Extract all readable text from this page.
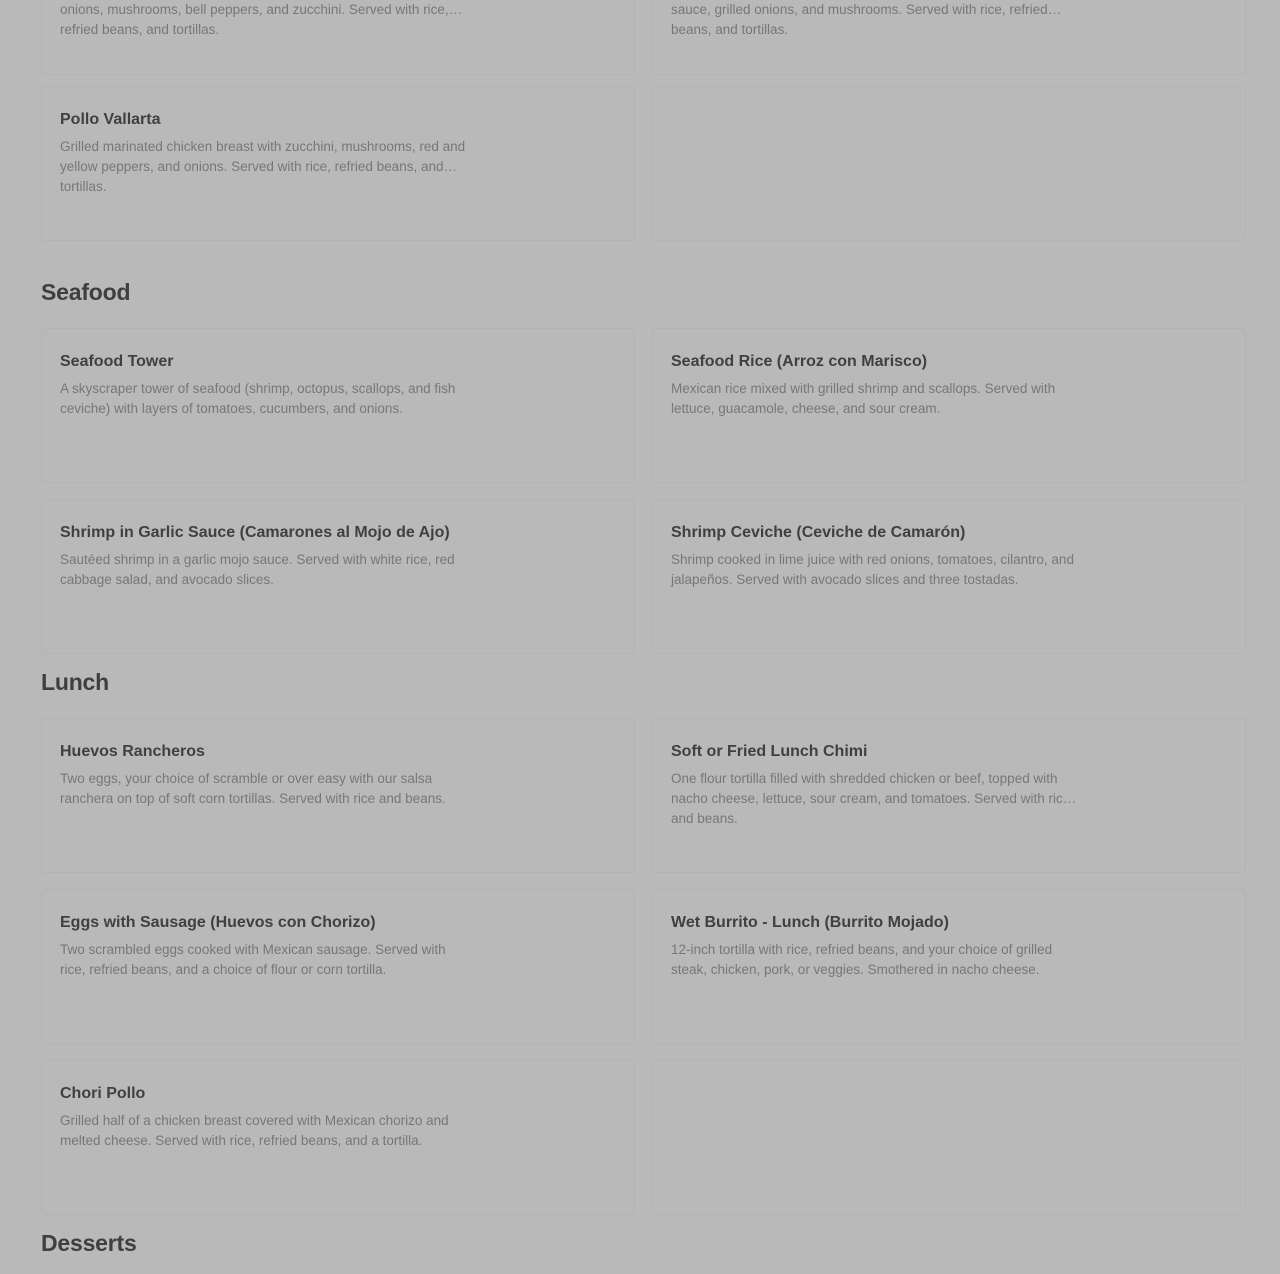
onions, mushrooms, bell peppers, and zucchini. Served with rice, refried beans, and tortillas.

sauce, grilled onions, and mushrooms. Served with rice, refried beans, and tortillas.

Pollo Vallarta

Grilled marinated chicken breast with zucchini, mushrooms, red and yellow peppers, and onions. Served with rice, refried beans, and tortillas.

Seafood
Seafood Tower

A skyscraper tower of seafood (shrimp, octopus, scallops, and fish ceviche) with layers of tomatoes, cucumbers, and onions.

Seafood Rice (Arroz con Marisco)

Mexican rice mixed with grilled shrimp and scallops. Served with lettuce, guacamole, cheese, and sour cream.

Shrimp in Garlic Sauce (Camarones al Mojo de Ajo)

Sautéed shrimp in a garlic mojo sauce. Served with white rice, red cabbage salad, and avocado slices.

Shrimp Ceviche (Ceviche de Camarón)

Shrimp cooked in lime juice with red onions, tomatoes, cilantro, and jalapeños. Served with avocado slices and three tostadas.

Lunch
Huevos Rancheros

Two eggs, your choice of scramble or over easy with our salsa ranchera on top of soft corn tortillas. Served with rice and beans.

Soft or Fried Lunch Chimi

One flour tortilla filled with shredded chicken or beef, topped with nacho cheese, lettuce, sour cream, and tomatoes. Served with rice and beans.

Eggs with Sausage (Huevos con Chorizo)

Two scrambled eggs cooked with Mexican sausage. Served with rice, refried beans, and a choice of flour or corn tortilla.

Wet Burrito - Lunch (Burrito Mojado)

12-inch tortilla with rice, refried beans, and your choice of grilled steak, chicken, pork, or veggies. Smothered in nacho cheese.

Chori Pollo

Grilled half of a chicken breast covered with Mexican chorizo and melted cheese. Served with rice, refried beans, and a tortilla.

Desserts
